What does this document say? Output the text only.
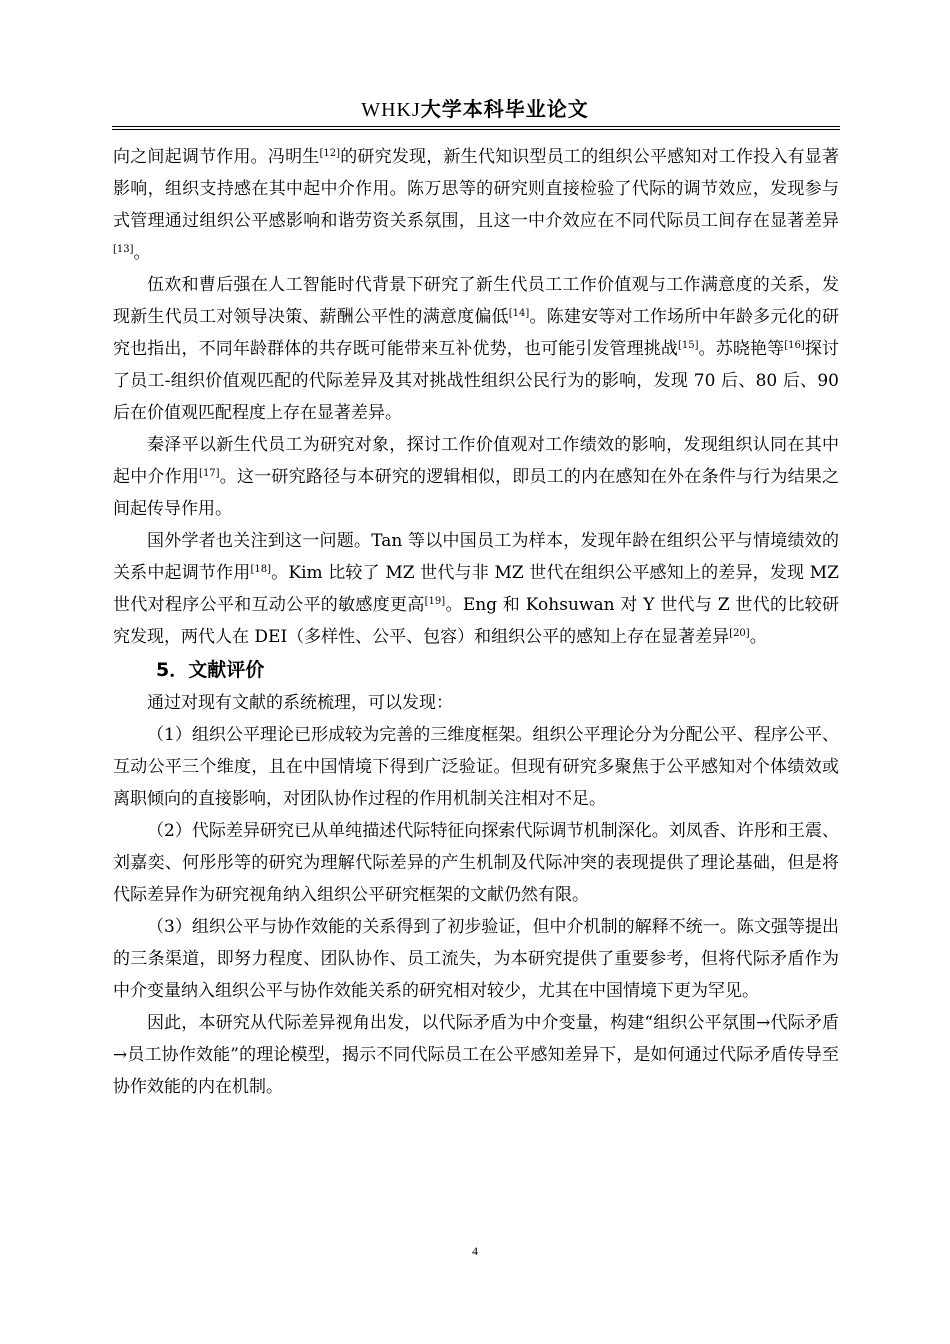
WHKJ大学本科毕业论文

向之间起调节作用。冯明生[12]的研究发现，新生代知识型员工的组织公平感知对工作投入有显著影响，组织支持感在其中起中介作用。陈万思等的研究则直接检验了代际的调节效应，发现参与式管理通过组织公平感影响和谐劳资关系氛围，且这一中介效应在不同代际员工间存在显著差异[13]。

伍欢和曹后强在人工智能时代背景下研究了新生代员工工作价值观与工作满意度的关系，发现新生代员工对领导决策、薪酬公平性的满意度偏低[14]。陈建安等对工作场所中年龄多元化的研究也指出，不同年龄群体的共存既可能带来互补优势，也可能引发管理挑战[15]。苏晓艳等[16]探讨了员工-组织价值观匹配的代际差异及其对挑战性组织公民行为的影响，发现 70 后、80 后、90 后在价值观匹配程度上存在显著差异。

秦泽平以新生代员工为研究对象，探讨工作价值观对工作绩效的影响，发现组织认同在其中起中介作用[17]。这一研究路径与本研究的逻辑相似，即员工的内在感知在外在条件与行为结果之间起传导作用。

国外学者也关注到这一问题。Tan 等以中国员工为样本，发现年龄在组织公平与情境绩效的关系中起调节作用[18]。Kim 比较了 MZ 世代与非 MZ 世代在组织公平感知上的差异，发现 MZ 世代对程序公平和互动公平的敏感度更高[19]。Eng 和 Kohsuwan 对 Y 世代与 Z 世代的比较研究发现，两代人在 DEI（多样性、公平、包容）和组织公平的感知上存在显著差异[20]。

5．文献评价

通过对现有文献的系统梳理，可以发现：

（1）组织公平理论已形成较为完善的三维度框架。组织公平理论分为分配公平、程序公平、互动公平三个维度，且在中国情境下得到广泛验证。但现有研究多聚焦于公平感知对个体绩效或离职倾向的直接影响，对团队协作过程的作用机制关注相对不足。

（2）代际差异研究已从单纯描述代际特征向探索代际调节机制深化。刘凤香、许彤和王震、刘嘉奕、何彤彤等的研究为理解代际差异的产生机制及代际冲突的表现提供了理论基础，但是将代际差异作为研究视角纳入组织公平研究框架的文献仍然有限。

（3）组织公平与协作效能的关系得到了初步验证，但中介机制的解释不统一。陈文强等提出的三条渠道，即努力程度、团队协作、员工流失，为本研究提供了重要参考，但将代际矛盾作为中介变量纳入组织公平与协作效能关系的研究相对较少，尤其在中国情境下更为罕见。

因此，本研究从代际差异视角出发，以代际矛盾为中介变量，构建“组织公平氛围→代际矛盾→员工协作效能”的理论模型，揭示不同代际员工在公平感知差异下，是如何通过代际矛盾传导至协作效能的内在机制。

4
